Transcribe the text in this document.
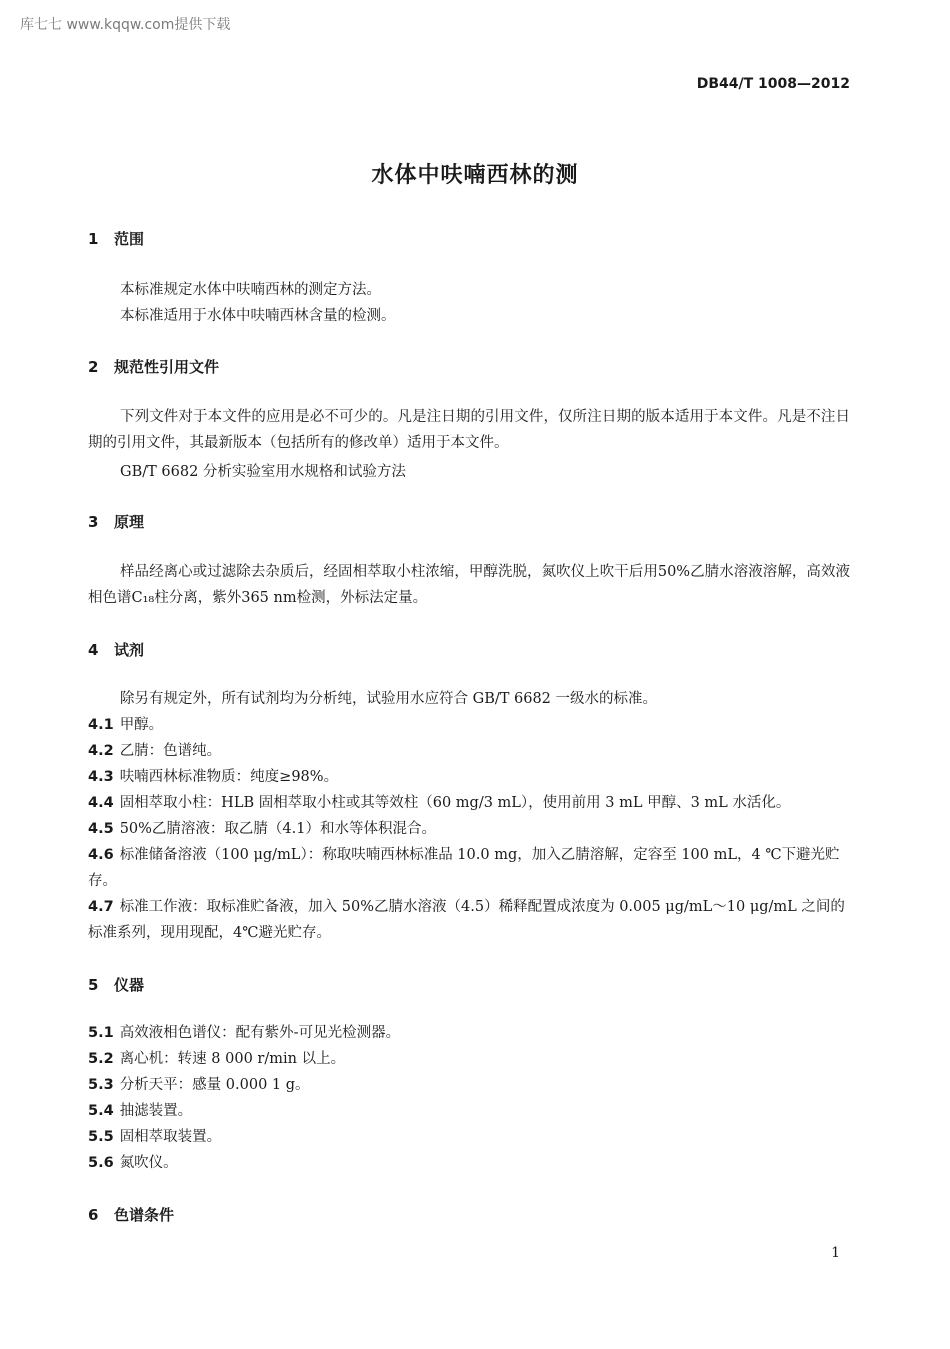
库七七 www.kqqw.com提供下载
DB44/T 1008—2012
水体中呋喃西林的测
1 范围
本标准规定水体中呋喃西林的测定方法。
本标准适用于水体中呋喃西林含量的检测。
2 规范性引用文件

下列文件对于本文件的应用是必不可少的。凡是注日期的引用文件，仅所注日期的版本适用于本文件。凡是不注日期的引用文件，其最新版本（包括所有的修改单）适用于本文件。

GB/T 6682 分析实验室用水规格和试验方法
3 原理

样品经离心或过滤除去杂质后，经固相萃取小柱浓缩，甲醇洗脱，氮吹仪上吹干后用50%乙腈水溶液溶解，高效液相色谱C₁₈柱分离，紫外365 nm检测，外标法定量。

4 试剂

除另有规定外，所有试剂均为分析纯，试验用水应符合 GB/T 6682 一级水的标准。

4.1 甲醇。

4.2 乙腈：色谱纯。

4.3 呋喃西林标准物质：纯度≥98%。

4.4 固相萃取小柱：HLB 固相萃取小柱或其等效柱（60 mg/3 mL），使用前用 3 mL 甲醇、3 mL 水活化。

4.5 50%乙腈溶液：取乙腈（4.1）和水等体积混合。

4.6 标准储备溶液（100 μg/mL）：称取呋喃西林标准品 10.0 mg，加入乙腈溶解，定容至 100 mL，4 ℃下避光贮存。

4.7 标准工作液：取标准贮备液，加入 50%乙腈水溶液（4.5）稀释配置成浓度为 0.005 μg/mL～10 μg/mL 之间的标准系列，现用现配，4℃避光贮存。

5 仪器

5.1 高效液相色谱仪：配有紫外-可见光检测器。

5.2 离心机：转速 8 000 r/min 以上。

5.3 分析天平：感量 0.000 1 g。

5.4 抽滤装置。

5.5 固相萃取装置。

5.6 氮吹仪。

6 色谱条件
1
